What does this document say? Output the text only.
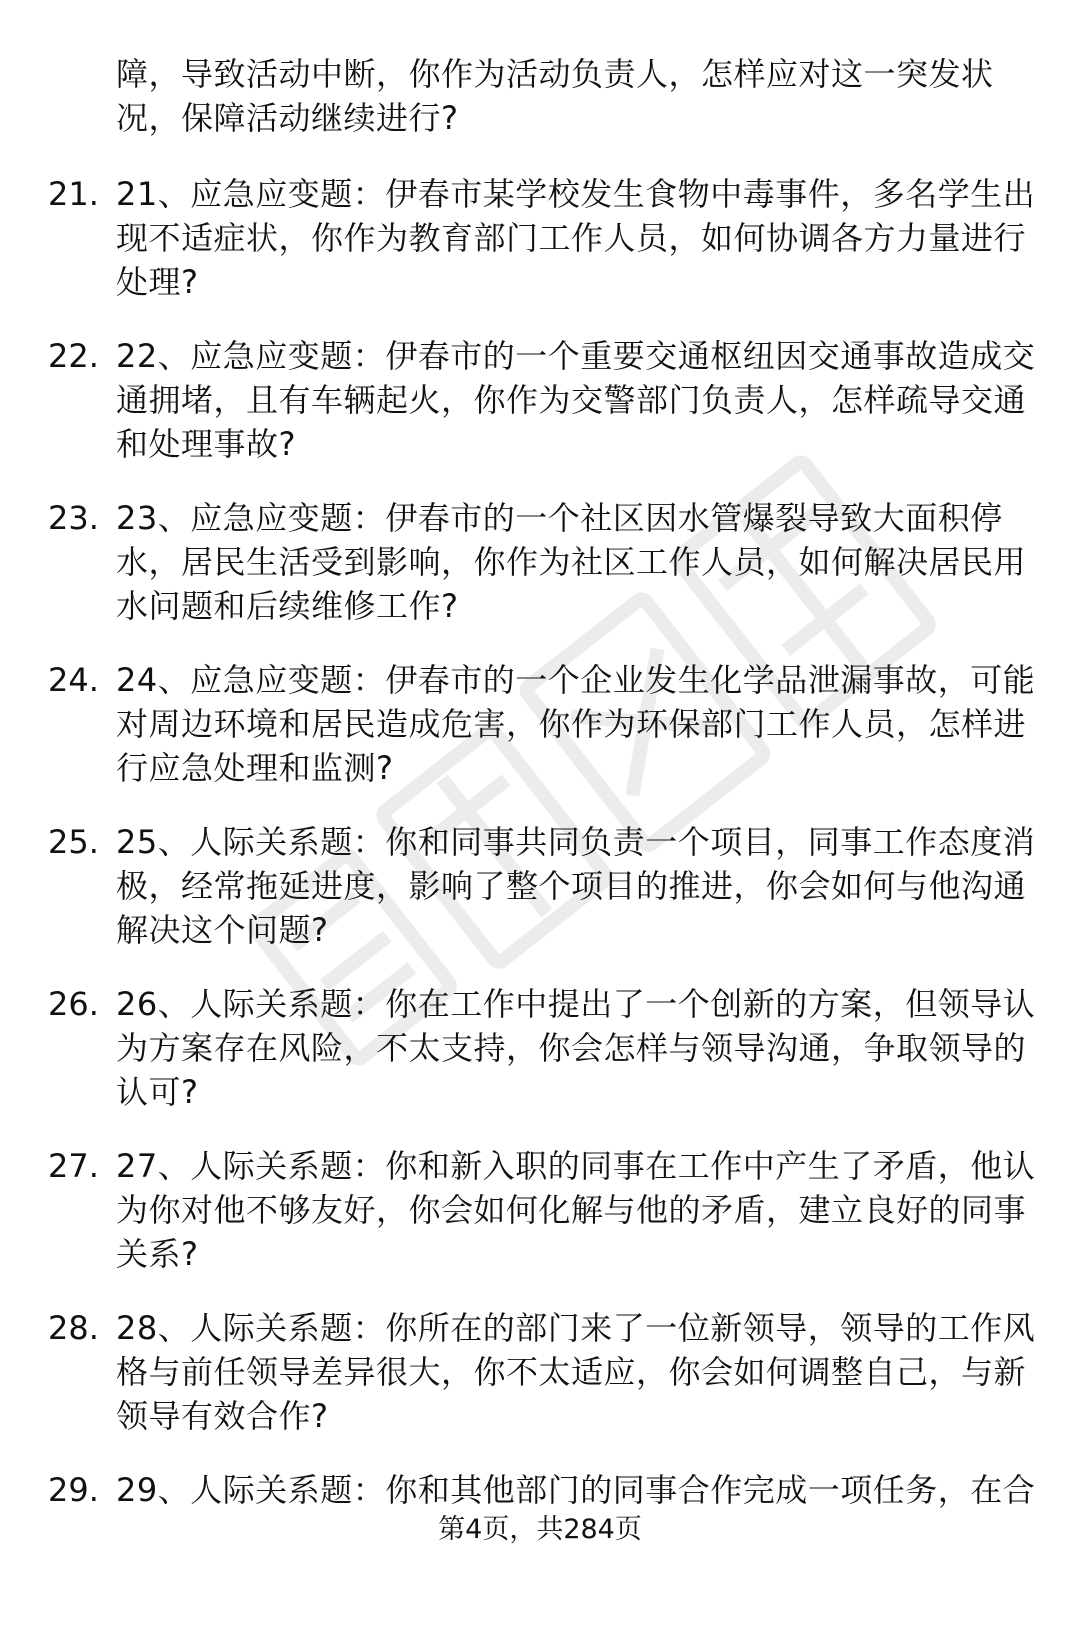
障，导致活动中断，你作为活动负责人，怎样应对这一突发状况，保障活动继续进行?

21. 21、应急应变题：伊春市某学校发生食物中毒事件，多名学生出现不适症状，你作为教育部门工作人员，如何协调各方力量进行处理?

22. 22、应急应变题：伊春市的一个重要交通枢纽因交通事故造成交通拥堵，且有车辆起火，你作为交警部门负责人，怎样疏导交通和处理事故?

23. 23、应急应变题：伊春市的一个社区因水管爆裂导致大面积停水，居民生活受到影响，你作为社区工作人员，如何解决居民用水问题和后续维修工作?

24. 24、应急应变题：伊春市的一个企业发生化学品泄漏事故，可能对周边环境和居民造成危害，你作为环保部门工作人员，怎样进行应急处理和监测?

25. 25、人际关系题：你和同事共同负责一个项目，同事工作态度消极，经常拖延进度，影响了整个项目的推进，你会如何与他沟通解决这个问题?

26. 26、人际关系题：你在工作中提出了一个创新的方案，但领导认为方案存在风险，不太支持，你会怎样与领导沟通，争取领导的认可?

27. 27、人际关系题：你和新入职的同事在工作中产生了矛盾，他认为你对他不够友好，你会如何化解与他的矛盾，建立良好的同事关系?

28. 28、人际关系题：你所在的部门来了一位新领导，领导的工作风格与前任领导差异很大，你不太适应，你会如何调整自己，与新领导有效合作?

29. 29、人际关系题：你和其他部门的同事合作完成一项任务，在合

第4页，共284页
